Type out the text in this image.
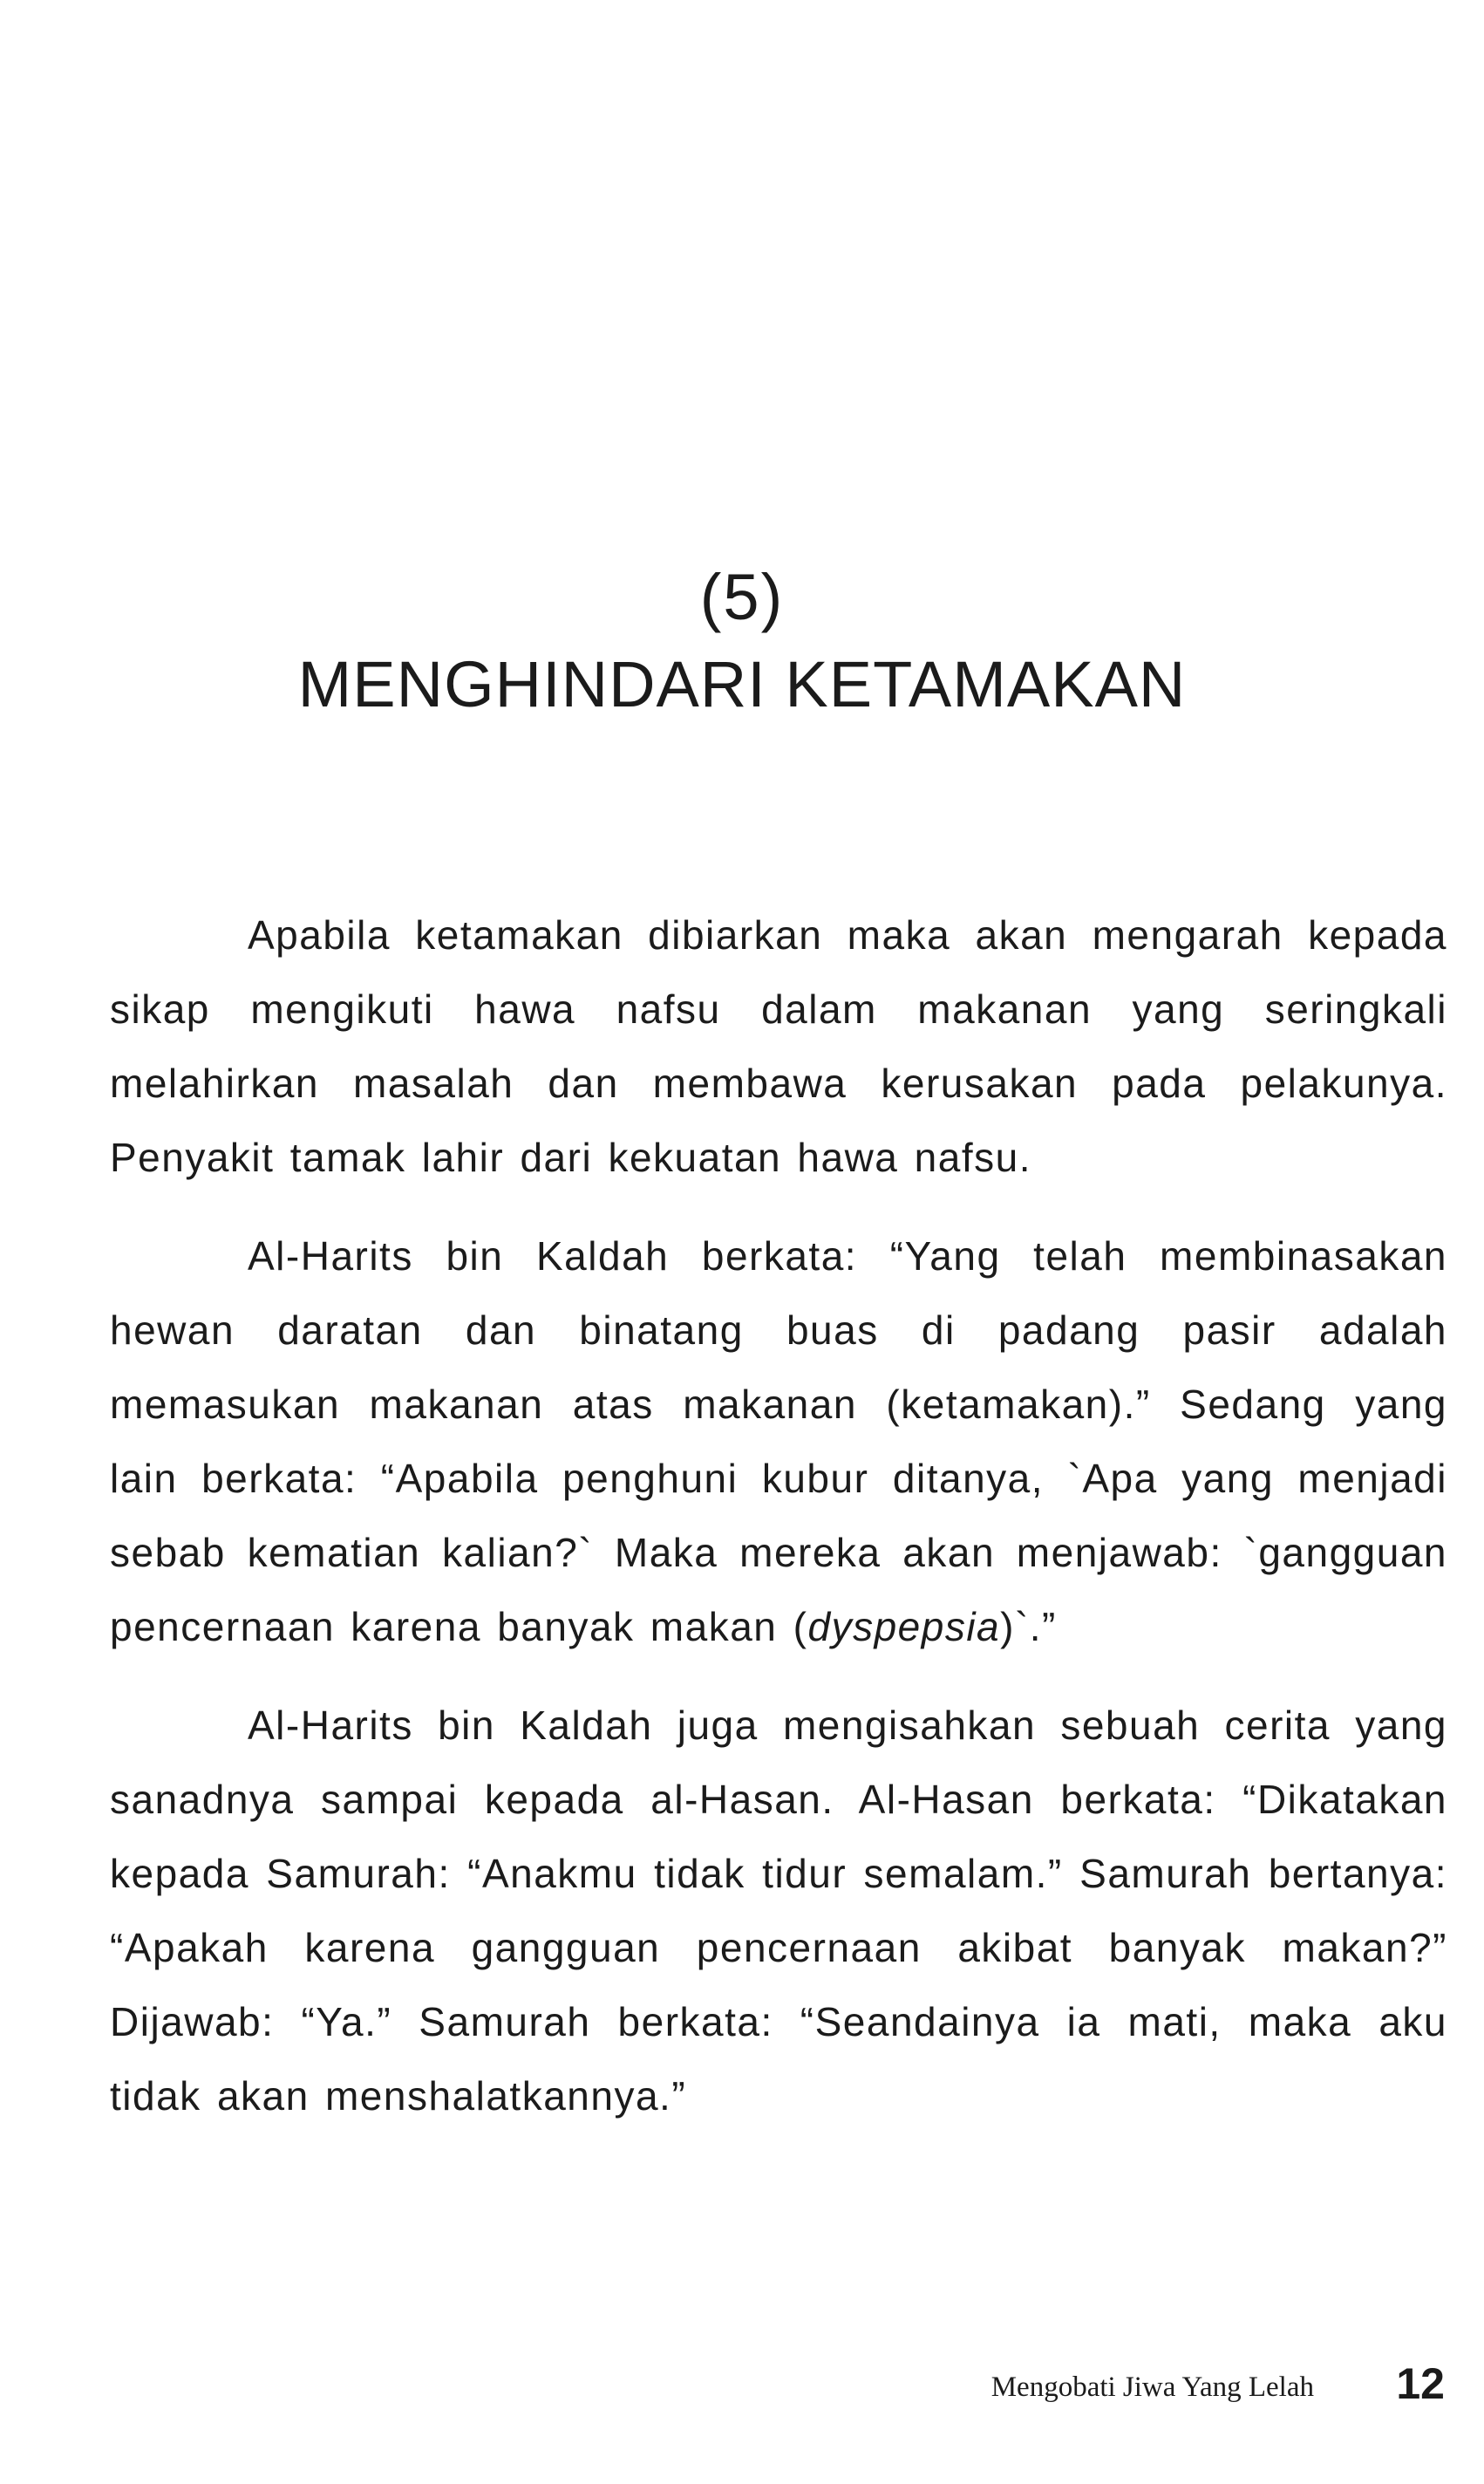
(5)
MENGHINDARI KETAMAKAN

Apabila ketamakan dibiarkan maka akan mengarah kepada sikap mengikuti hawa nafsu dalam makanan yang seringkali melahirkan masalah dan membawa kerusakan pada pelakunya. Penyakit tamak lahir dari kekuatan hawa nafsu.

Al-Harits bin Kaldah berkata: “Yang telah membinasakan hewan daratan dan binatang buas di padang pasir adalah memasukan makanan atas makanan (ketamakan).” Sedang yang lain berkata: “Apabila penghuni kubur ditanya, `Apa yang menjadi sebab kematian kalian?` Maka mereka akan menjawab: `gangguan pencernaan karena banyak makan (dyspepsia)`.”

Al-Harits bin Kaldah juga mengisahkan sebuah cerita yang sanadnya sampai kepada al-Hasan. Al-Hasan berkata: “Dikatakan kepada Samurah: “Anakmu tidak tidur semalam.” Samurah bertanya: “Apakah karena gangguan pencernaan akibat banyak makan?” Dijawab: “Ya.” Samurah berkata: “Seandainya ia mati, maka aku tidak akan menshalatkannya.”

Mengobati Jiwa Yang Lelah 12
